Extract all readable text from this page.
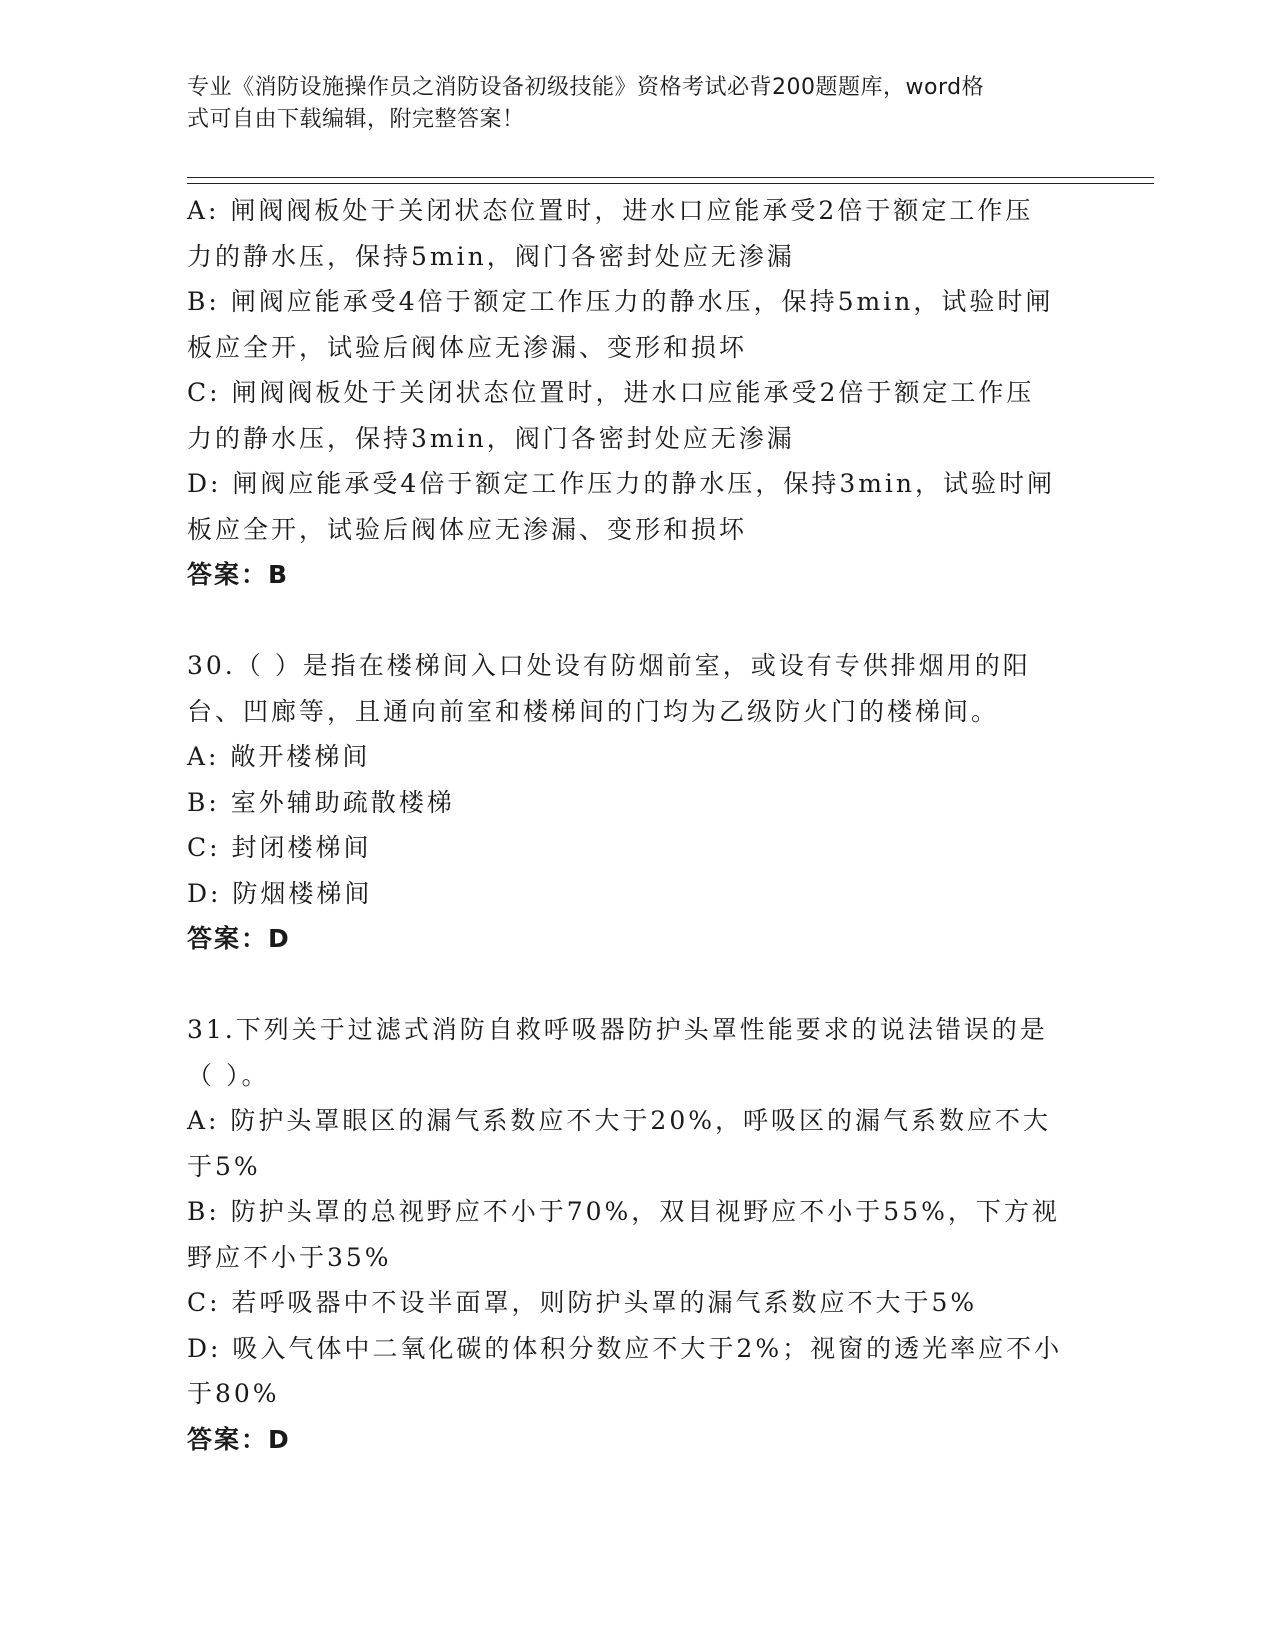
专业《消防设施操作员之消防设备初级技能》资格考试必背200题题库，word格
式可自由下载编辑，附完整答案！
A: 闸阀阀板处于关闭状态位置时，进水口应能承受2倍于额定工作压
力的静水压，保持5min，阀门各密封处应无渗漏
B: 闸阀应能承受4倍于额定工作压力的静水压，保持5min，试验时闸
板应全开，试验后阀体应无渗漏、变形和损坏
C: 闸阀阀板处于关闭状态位置时，进水口应能承受2倍于额定工作压
力的静水压，保持3min，阀门各密封处应无渗漏
D: 闸阀应能承受4倍于额定工作压力的静水压，保持3min，试验时闸
板应全开，试验后阀体应无渗漏、变形和损坏
答案：B
30.（ ）是指在楼梯间入口处设有防烟前室，或设有专供排烟用的阳
台、凹廊等，且通向前室和楼梯间的门均为乙级防火门的楼梯间。
A: 敞开楼梯间
B: 室外辅助疏散楼梯
C: 封闭楼梯间
D: 防烟楼梯间
答案：D
31.下列关于过滤式消防自救呼吸器防护头罩性能要求的说法错误的是
（ ）。
A: 防护头罩眼区的漏气系数应不大于20%，呼吸区的漏气系数应不大
于5%
B: 防护头罩的总视野应不小于70%，双目视野应不小于55%，下方视
野应不小于35%
C: 若呼吸器中不设半面罩，则防护头罩的漏气系数应不大于5%
D: 吸入气体中二氧化碳的体积分数应不大于2%；视窗的透光率应不小
于80%
答案：D
